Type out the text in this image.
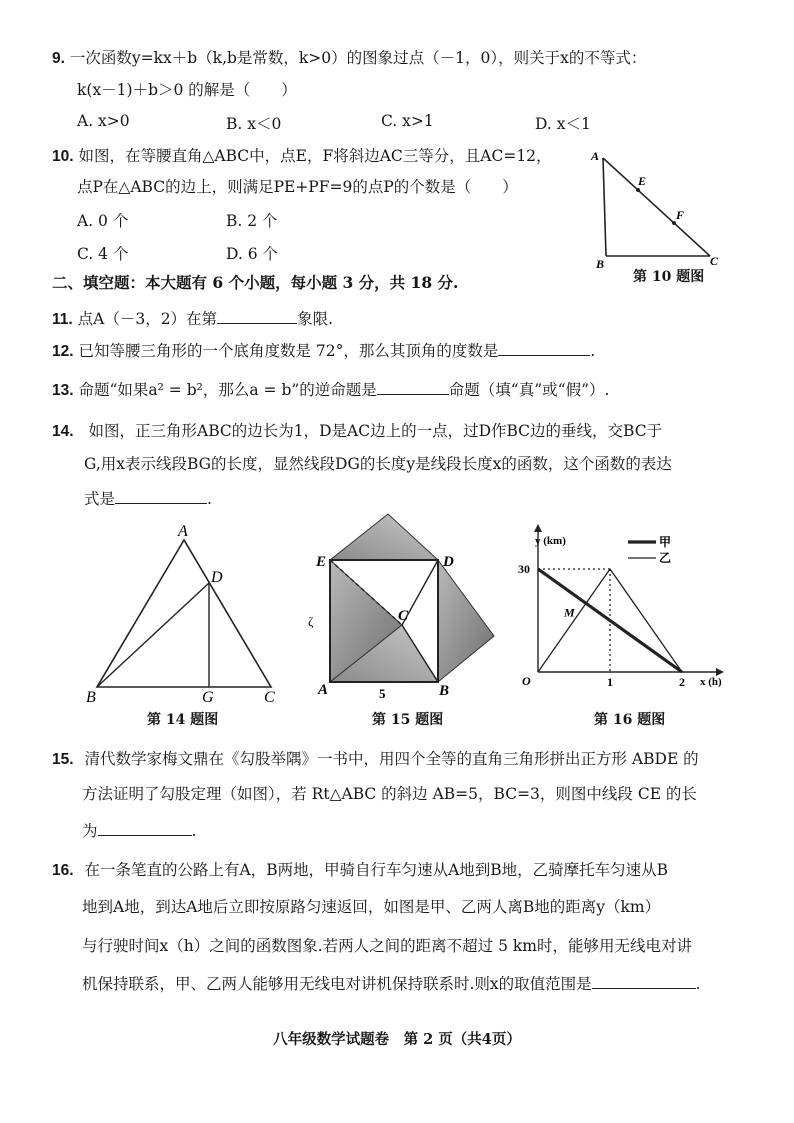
9. 一次函数y=kx＋b（k,b是常数，k>0）的图象过点（－1，0），则关于x的不等式：
k(x－1)＋b＞0 的解是（　　）
A. x>0	B. x＜0	C. x>1	D. x＜1
10. 如图，在等腰直角△ABC中，点E，F将斜边AC三等分，且AC=12，
点P在△ABC的边上，则满足PE+PF=9的点P的个数是（　　）
A. 0 个	B. 2 个
C. 4 个	D. 6 个
A
B	C
E
F
第 10 题图
二、填空题：本大题有 6 个小题，每小题 3 分，共 18 分.
11. 点A（－3，2）在第	象限.
12. 已知等腰三角形的一个底角度数是 72°，那么其顶角的度数是	.
13. 命题“如果a² = b²，那么a = b”的逆命题是	命题（填“真”或“假”）.
14. 如图，正三角形ABC的边长为1，D是AC边上的一点，过D作BC边的垂线，交BC于
G,用x表示线段BG的长度，显然线段DG的长度y是线段长度x的函数，这个函数的表达
式是	.
A
B	C
D
G
第 14 题图
E	D
C
A	B
5
ζ
第 15 题图
y (km)
x (h)
O	1	2
30
甲
乙
M
第 16 题图
15. 清代数学家梅文鼎在《勾股举隅》一书中，用四个全等的直角三角形拼出正方形 ABDE 的
方法证明了勾股定理（如图），若 Rt△ABC 的斜边 AB=5，BC=3，则图中线段 CE 的长
为	.
16. 在一条笔直的公路上有A，B两地，甲骑自行车匀速从A地到B地，乙骑摩托车匀速从B
地到A地，到达A地后立即按原路匀速返回，如图是甲、乙两人离B地的距离y（km）
与行驶时间x（h）之间的函数图象.若两人之间的距离不超过 5 km时，能够用无线电对讲
机保持联系，甲、乙两人能够用无线电对讲机保持联系时.则x的取值范围是	.
八年级数学试题卷　第 2 页（共4页）
